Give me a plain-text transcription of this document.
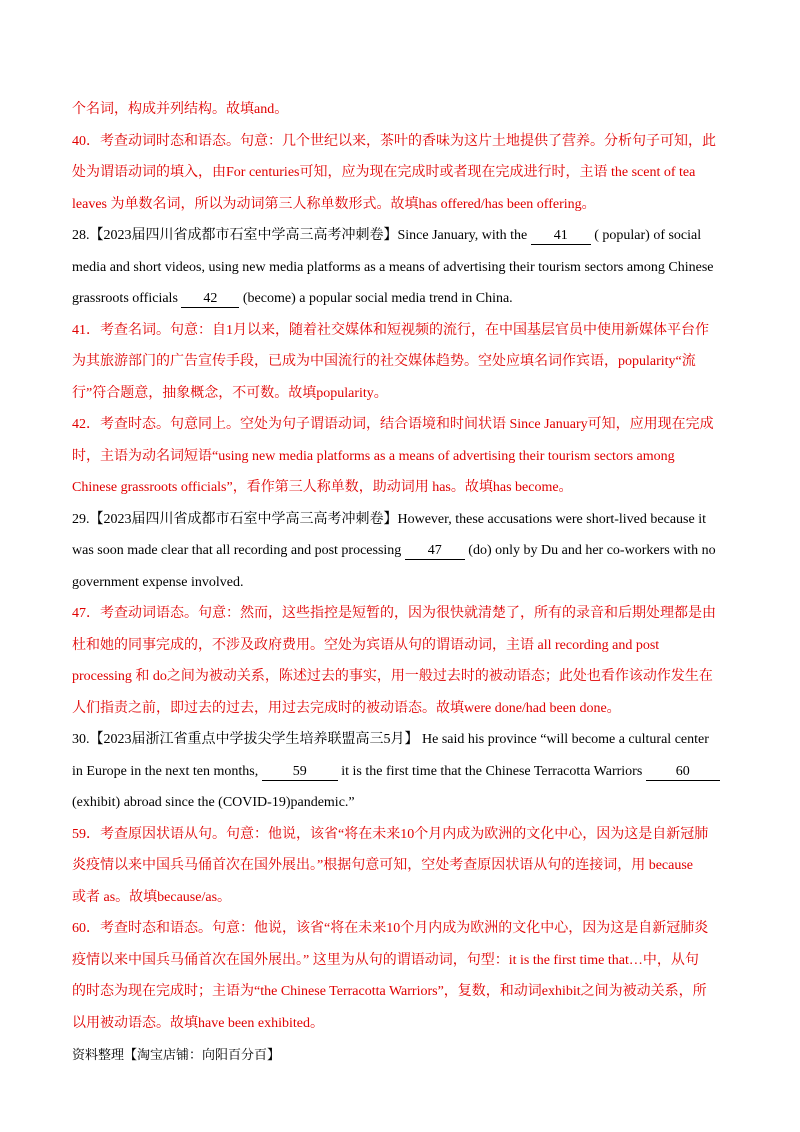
个名词，构成并列结构。故填and。

40．考查动词时态和语态。句意：几个世纪以来，茶叶的香味为这片土地提供了营养。分析句子可知，此

处为谓语动词的填入，由For centuries可知，应为现在完成时或者现在完成进行时，主语 the scent of tea

leaves 为单数名词，所以为动词第三人称单数形式。故填has offered/has been offering。

28.【2023届四川省成都市石室中学高三高考冲刺卷】Since January, with the 41 ( popular) of social

media and short videos, using new media platforms as a means of advertising their tourism sectors among Chinese

grassroots officials 42 (become) a popular social media trend in China.

41．考查名词。句意：自1月以来，随着社交媒体和短视频的流行，在中国基层官员中使用新媒体平台作

为其旅游部门的广告宣传手段，已成为中国流行的社交媒体趋势。空处应填名词作宾语，popularity“流

行”符合题意，抽象概念，不可数。故填popularity。

42．考查时态。句意同上。空处为句子谓语动词，结合语境和时间状语 Since January可知，应用现在完成

时，主语为动名词短语“using new media platforms as a means of advertising their tourism sectors among

Chinese grassroots officials”，看作第三人称单数，助动词用 has。故填has become。

29.【2023届四川省成都市石室中学高三高考冲刺卷】However, these accusations were short-lived because it

was soon made clear that all recording and post processing 47 (do) only by Du and her co-workers with no

government expense involved.

47．考查动词语态。句意：然而，这些指控是短暂的，因为很快就清楚了，所有的录音和后期处理都是由

杜和她的同事完成的，不涉及政府费用。空处为宾语从句的谓语动词，主语 all recording and post

processing 和 do之间为被动关系，陈述过去的事实，用一般过去时的被动语态；此处也看作该动作发生在

人们指责之前，即过去的过去，用过去完成时的被动语态。故填were done/had been done。

30.【2023届浙江省重点中学拔尖学生培养联盟高三5月】 He said his province “will become a cultural center

in Europe in the next ten months, 59 it is the first time that the Chinese Terracotta Warriors 60

(exhibit) abroad since the (COVID-19)pandemic.”

59．考查原因状语从句。句意：他说，该省“将在未来10个月内成为欧洲的文化中心，因为这是自新冠肺

炎疫情以来中国兵马俑首次在国外展出。”根据句意可知，空处考查原因状语从句的连接词，用 because

或者 as。故填because/as。

60．考查时态和语态。句意：他说，该省“将在未来10个月内成为欧洲的文化中心，因为这是自新冠肺炎

疫情以来中国兵马俑首次在国外展出。” 这里为从句的谓语动词，句型：it is the first time that…中，从句

的时态为现在完成时；主语为“the Chinese Terracotta Warriors”，复数，和动词exhibit之间为被动关系，所

以用被动语态。故填have been exhibited。

资料整理【淘宝店铺：向阳百分百】
